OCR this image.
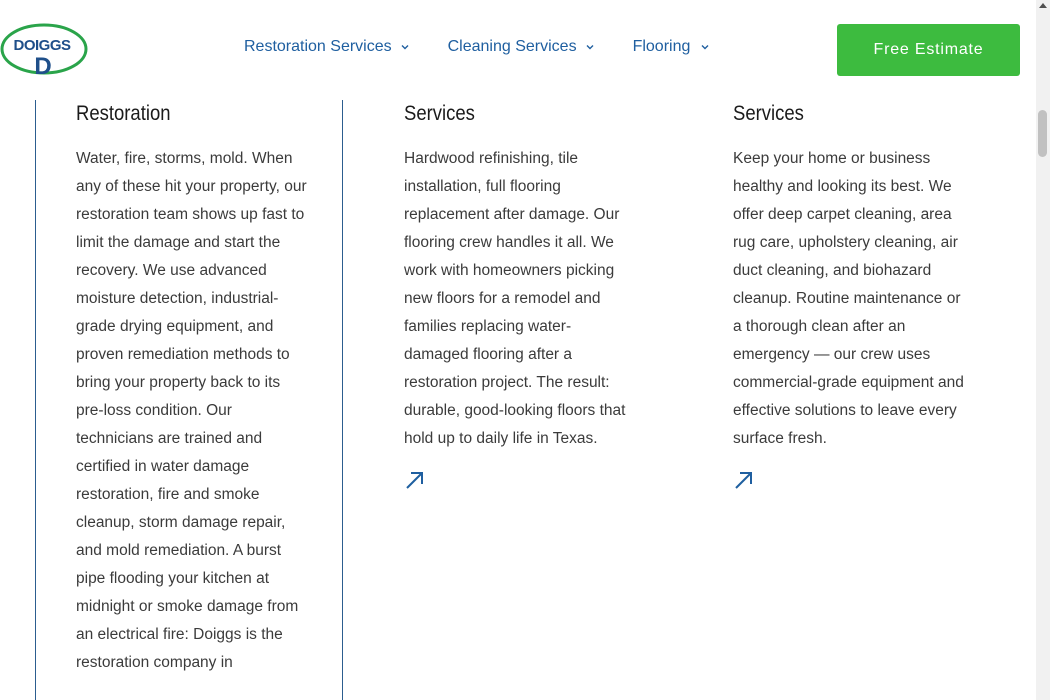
DOIGGS
D
Restoration Services	Cleaning Services	Flooring	Free Estimate
Restoration

Water, fire, storms, mold. When any of these hit your property, our restoration team shows up fast to limit the damage and start the recovery. We use advanced moisture detection, industrial-grade drying equipment, and proven remediation methods to bring your property back to its pre-loss condition. Our technicians are trained and certified in water damage restoration, fire and smoke cleanup, storm damage repair, and mold remediation. A burst pipe flooding your kitchen at midnight or smoke damage from an electrical fire: Doiggs is the restoration company in

Services

Hardwood refinishing, tile installation, full flooring replacement after damage. Our flooring crew handles it all. We work with homeowners picking new floors for a remodel and families replacing water-damaged flooring after a restoration project. The result: durable, good-looking floors that hold up to daily life in Texas.

Services

Keep your home or business healthy and looking its best. We offer deep carpet cleaning, area rug care, upholstery cleaning, air duct cleaning, and biohazard cleanup. Routine maintenance or a thorough clean after an emergency — our crew uses commercial-grade equipment and effective solutions to leave every surface fresh.
